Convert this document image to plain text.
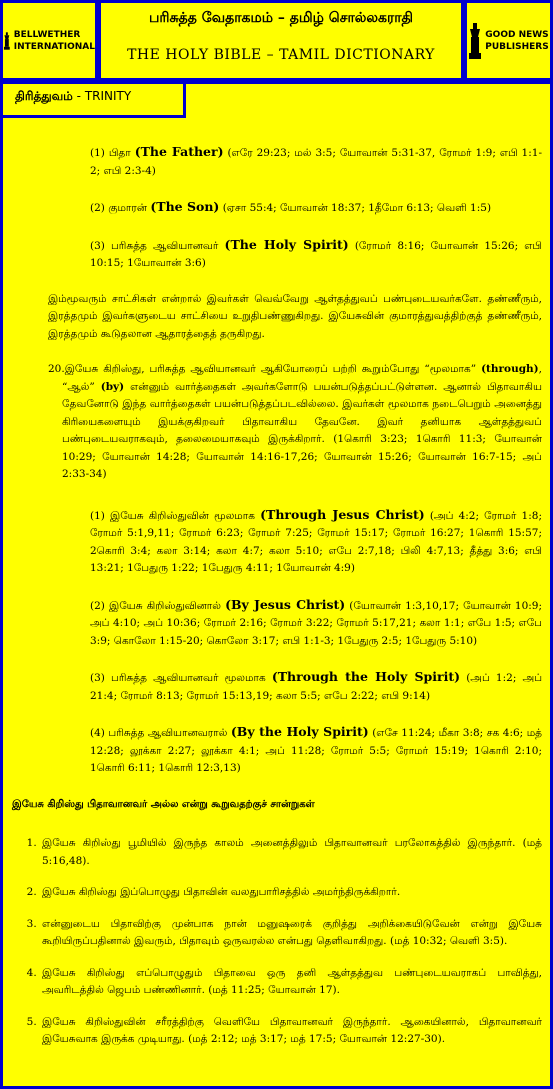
BELLWETHER
INTERNATIONAL
பரிசுத்த வேதாகமம் – தமிழ் சொல்லகராதி
THE HOLY BIBLE – TAMIL DICTIONARY
GOOD NEWS
PUBLISHERS
திரித்துவம் - TRINITY
(1) பிதா (The Father) (எரே 29:23; மல் 3:5; யோவான் 5:31-37, ரோமர் 1:9; எபி 1:1-2; எபி 2:3-4)
(2) குமாரன் (The Son) (ஏசா 55:4; யோவான் 18:37; 1தீமோ 6:13; வெளி 1:5)
(3) பரிசுத்த ஆவியானவர் (The Holy Spirit) (ரோமர் 8:16; யோவான் 15:26; எபி 10:15; 1யோவான் 3:6)
இம்மூவரும் சாட்சிகள் என்றால் இவர்கள் வெவ்வேறு ஆள்தத்துவப் பண்புடையவர்களே. தண்ணீரும், இரத்தமும் இவர்களுடைய சாட்சியை உறுதிபண்ணுகிறது. இயேசுவின் குமாரத்துவத்திற்குத் தண்ணீரும், இரத்தமும் கூடுதலான ஆதாரத்தைத் தருகிறது.
20.இயேசு கிறிஸ்து, பரிசுத்த ஆவியானவர் ஆகியோரைப் பற்றி கூறும்போது “மூலமாக” (through), “ஆல்” (by) என்னும் வார்த்தைகள் அவர்களோடு பயன்படுத்தப்பட்டுள்ளன. ஆனால் பிதாவாகிய தேவனோடு இந்த வார்த்தைகள் பயன்படுத்தப்படவில்லை. இவர்கள் மூலமாக நடைபெறும் அனைத்து கிரியைகளையும் இயக்குகிறவர் பிதாவாகிய தேவனே. இவர் தனியாக ஆள்தத்துவப் பண்புடையவராகவும், தலைமையாகவும் இருக்கிறார். (1கொரி 3:23; 1கொரி 11:3; யோவான் 10:29; யோவான் 14:28; யோவான் 14:16-17,26; யோவான் 15:26; யோவான் 16:7-15; அப் 2:33-34)
(1) இயேசு கிறிஸ்துவின் மூலமாக (Through Jesus Christ) (அப் 4:2; ரோமர் 1:8; ரோமர் 5:1,9,11; ரோமர் 6:23; ரோமர் 7:25; ரோமர் 15:17; ரோமர் 16:27; 1கொரி 15:57; 2கொரி 3:4; கலா 3:14; கலா 4:7; கலா 5:10; எபே 2:7,18; பிலி 4:7,13; தீத்து 3:6; எபி 13:21; 1பேதுரு 1:22; 1பேதுரு 4:11; 1யோவான் 4:9)
(2) இயேசு கிறிஸ்துவினால் (By Jesus Christ) (யோவான் 1:3,10,17; யோவான் 10:9; அப் 4:10; அப் 10:36; ரோமர் 2:16; ரோமர் 3:22; ரோமர் 5:17,21; கலா 1:1; எபே 1:5; எபே 3:9; கொலோ 1:15-20; கொலோ 3:17; எபி 1:1-3; 1பேதுரு 2:5; 1பேதுரு 5:10)
(3) பரிசுத்த ஆவியானவர் மூலமாக (Through the Holy Spirit) (அப் 1:2; அப் 21:4; ரோமர் 8:13; ரோமர் 15:13,19; கலா 5:5; எபே 2:22; எபி 9:14)
(4) பரிசுத்த ஆவியானவரால் (By the Holy Spirit) (எசே 11:24; மீகா 3:8; சக 4:6; மத் 12:28; லூக்கா 2:27; லூக்கா 4:1; அப் 11:28; ரோமர் 5:5; ரோமர் 15:19; 1கொரி 2:10; 1கொரி 6:11; 1கொரி 12:3,13)
இயேசு கிறிஸ்து பிதாவானவர் அல்ல என்று கூறுவதற்குச் சான்றுகள்
1. இயேசு கிறிஸ்து பூமியில் இருந்த காலம் அனைத்திலும் பிதாவானவர் பரலோகத்தில் இருந்தார். (மத் 5:16,48).
2. இயேசு கிறிஸ்து இப்பொழுது பிதாவின் வலதுபாரிசத்தில் அமர்ந்திருக்கிறார்.
3. என்னுடைய பிதாவிற்கு முன்பாக நான் மனுஷரைக் குறித்து அறிக்கையிடுவேன் என்று இயேசு கூறியிருப்பதினால் இவரும், பிதாவும் ஒருவரல்ல என்பது தெளிவாகிறது. (மத் 10:32; வெளி 3:5).
4. இயேசு கிறிஸ்து எப்பொழுதும் பிதாவை ஒரு தனி ஆள்தத்துவ பண்புடையவராகப் பாவித்து, அவரிடத்தில் ஜெபம் பண்ணினார். (மத் 11:25; யோவான் 17).
5. இயேசு கிறிஸ்துவின் சரீரத்திற்கு வெளியே பிதாவானவர் இருந்தார். ஆகையினால், பிதாவானவர் இயேசுவாக இருக்க முடியாது. (மத் 2:12; மத் 3:17; மத் 17:5; யோவான் 12:27-30).
